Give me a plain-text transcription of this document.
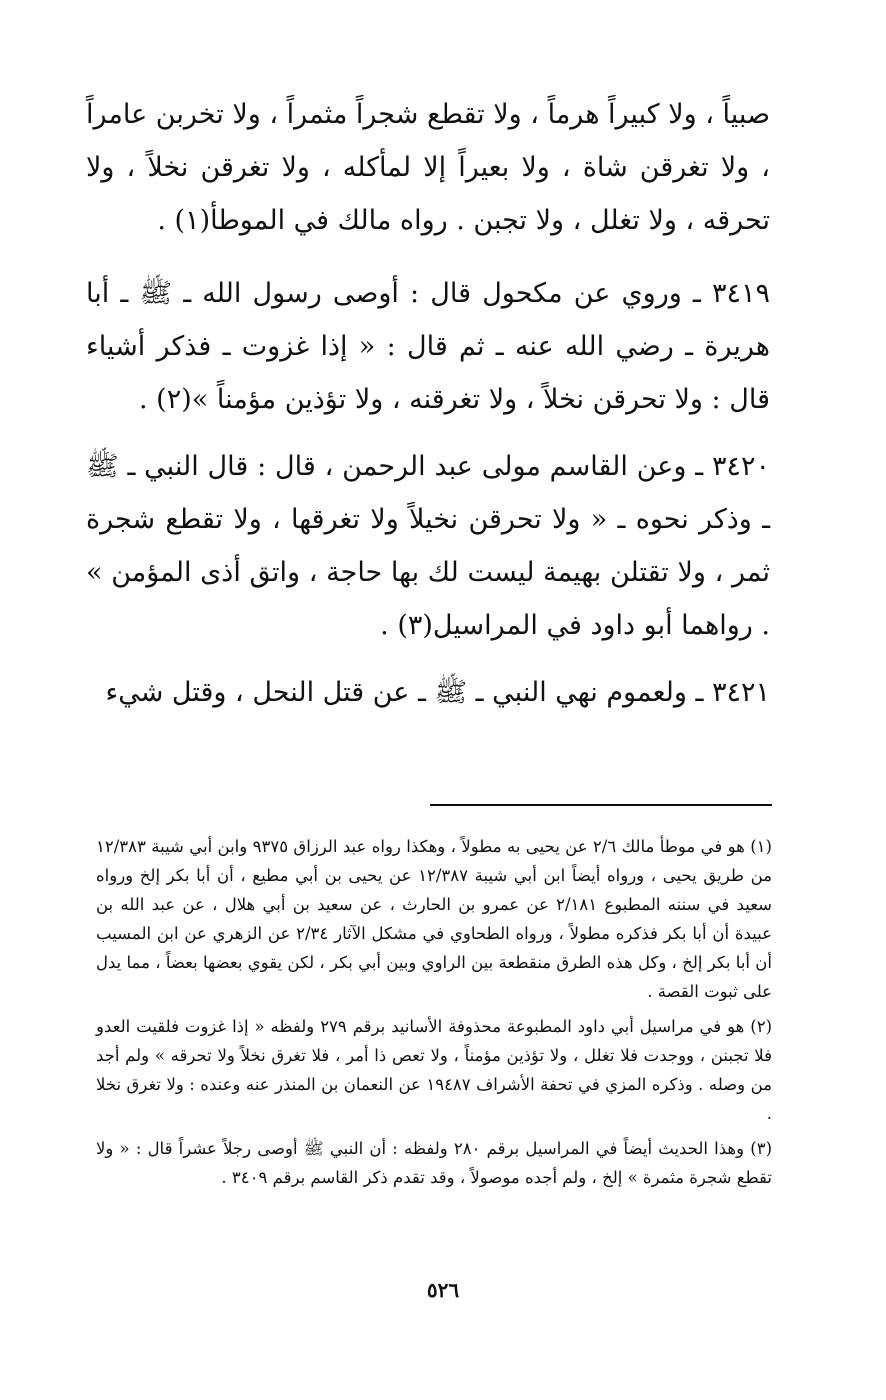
صبياً ، ولا كبيراً هرماً ، ولا تقطع شجراً مثمراً ، ولا تخربن عامراً ، ولا تغرقن شاة ، ولا بعيراً إلا لمأكله ، ولا تغرقن نخلاً ، ولا تحرقه ، ولا تغلل ، ولا تجبن . رواه مالك في الموطأ(١) .

٣٤١٩ ـ وروي عن مكحول قال : أوصى رسول الله ـ ﷺ ـ أبا هريرة ـ رضي الله عنه ـ ثم قال : « إذا غزوت ـ فذكر أشياء قال : ولا تحرقن نخلاً ، ولا تغرقنه ، ولا تؤذين مؤمناً »(٢) .

٣٤٢٠ ـ وعن القاسم مولى عبد الرحمن ، قال : قال النبي ـ ﷺ ـ وذكر نحوه ـ « ولا تحرقن نخيلاً ولا تغرقها ، ولا تقطع شجرة ثمر ، ولا تقتلن بهيمة ليست لك بها حاجة ، واتق أذى المؤمن » . رواهما أبو داود في المراسيل(٣) .

٣٤٢١ ـ ولعموم نهي النبي ـ ﷺ ـ عن قتل النحل ، وقتل شيء

(١) هو في موطأ مالك ٢/٦ عن يحيى به مطولاً ، وهكذا رواه عبد الرزاق ٩٣٧٥ وابن أبي شيبة ١٢/٣٨٣ من طريق يحيى ، ورواه أيضاً ابن أبي شيبة ١٢/٣٨٧ عن يحيى بن أبي مطيع ، أن أبا بكر إلخ ورواه سعيد في سننه المطبوع ٢/١٨١ عن عمرو بن الحارث ، عن سعيد بن أبي هلال ، عن عبد الله بن عبيدة أن أبا بكر فذكره مطولاً ، ورواه الطحاوي في مشكل الآثار ٢/٣٤ عن الزهري عن ابن المسيب أن أبا بكر إلخ ، وكل هذه الطرق منقطعة بين الراوي وبين أبي بكر ، لكن يقوي بعضها بعضاً ، مما يدل على ثبوت القصة .

(٢) هو في مراسيل أبي داود المطبوعة محذوفة الأسانيد برقم ٢٧٩ ولفظه « إذا غزوت فلقيت العدو فلا تجبنن ، ووجدت فلا تغلل ، ولا تؤذين مؤمناً ، ولا تعص ذا أمر ، فلا تغرق نخلاً ولا تحرقه » ولم أجد من وصله . وذكره المزي في تحفة الأشراف ١٩٤٨٧ عن النعمان بن المنذر عنه وعنده : ولا تغرق نخلا .

(٣) وهذا الحديث أيضاً في المراسيل برقم ٢٨٠ ولفظه : أن النبي ﷺ أوصى رجلاً عشراً قال : « ولا تقطع شجرة مثمرة » إلخ ، ولم أجده موصولاً ، وقد تقدم ذكر القاسم برقم ٣٤٠٩ .

٥٢٦
